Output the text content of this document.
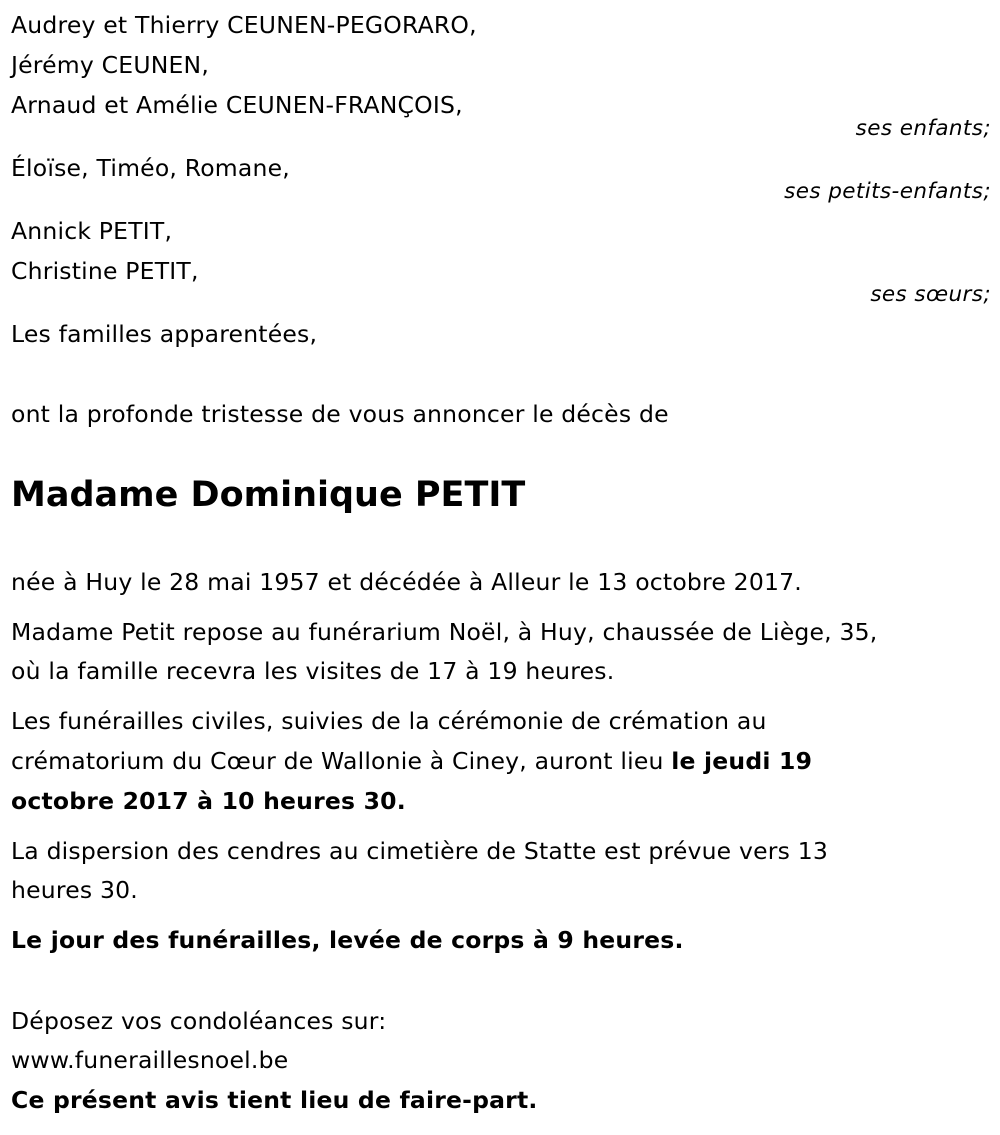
Audrey et Thierry CEUNEN-PEGORARO,
Jérémy CEUNEN,
Arnaud et Amélie CEUNEN-FRANÇOIS,
ses enfants;
Éloïse, Timéo, Romane,
ses petits-enfants;
Annick PETIT,
Christine PETIT,
ses sœurs;
Les familles apparentées,
ont la profonde tristesse de vous annoncer le décès de
Madame Dominique PETIT
née à Huy le 28 mai 1957 et décédée à Alleur le 13 octobre 2017.
Madame Petit repose au funérarium Noël, à Huy, chaussée de Liège, 35,
où la famille recevra les visites de 17 à 19 heures.
Les funérailles civiles, suivies de la cérémonie de crémation au
crématorium du Cœur de Wallonie à Ciney, auront lieu le jeudi 19
octobre 2017 à 10 heures 30.
La dispersion des cendres au cimetière de Statte est prévue vers 13
heures 30.
Le jour des funérailles, levée de corps à 9 heures.
Déposez vos condoléances sur:
www.funeraillesnoel.be
Ce présent avis tient lieu de faire-part.
